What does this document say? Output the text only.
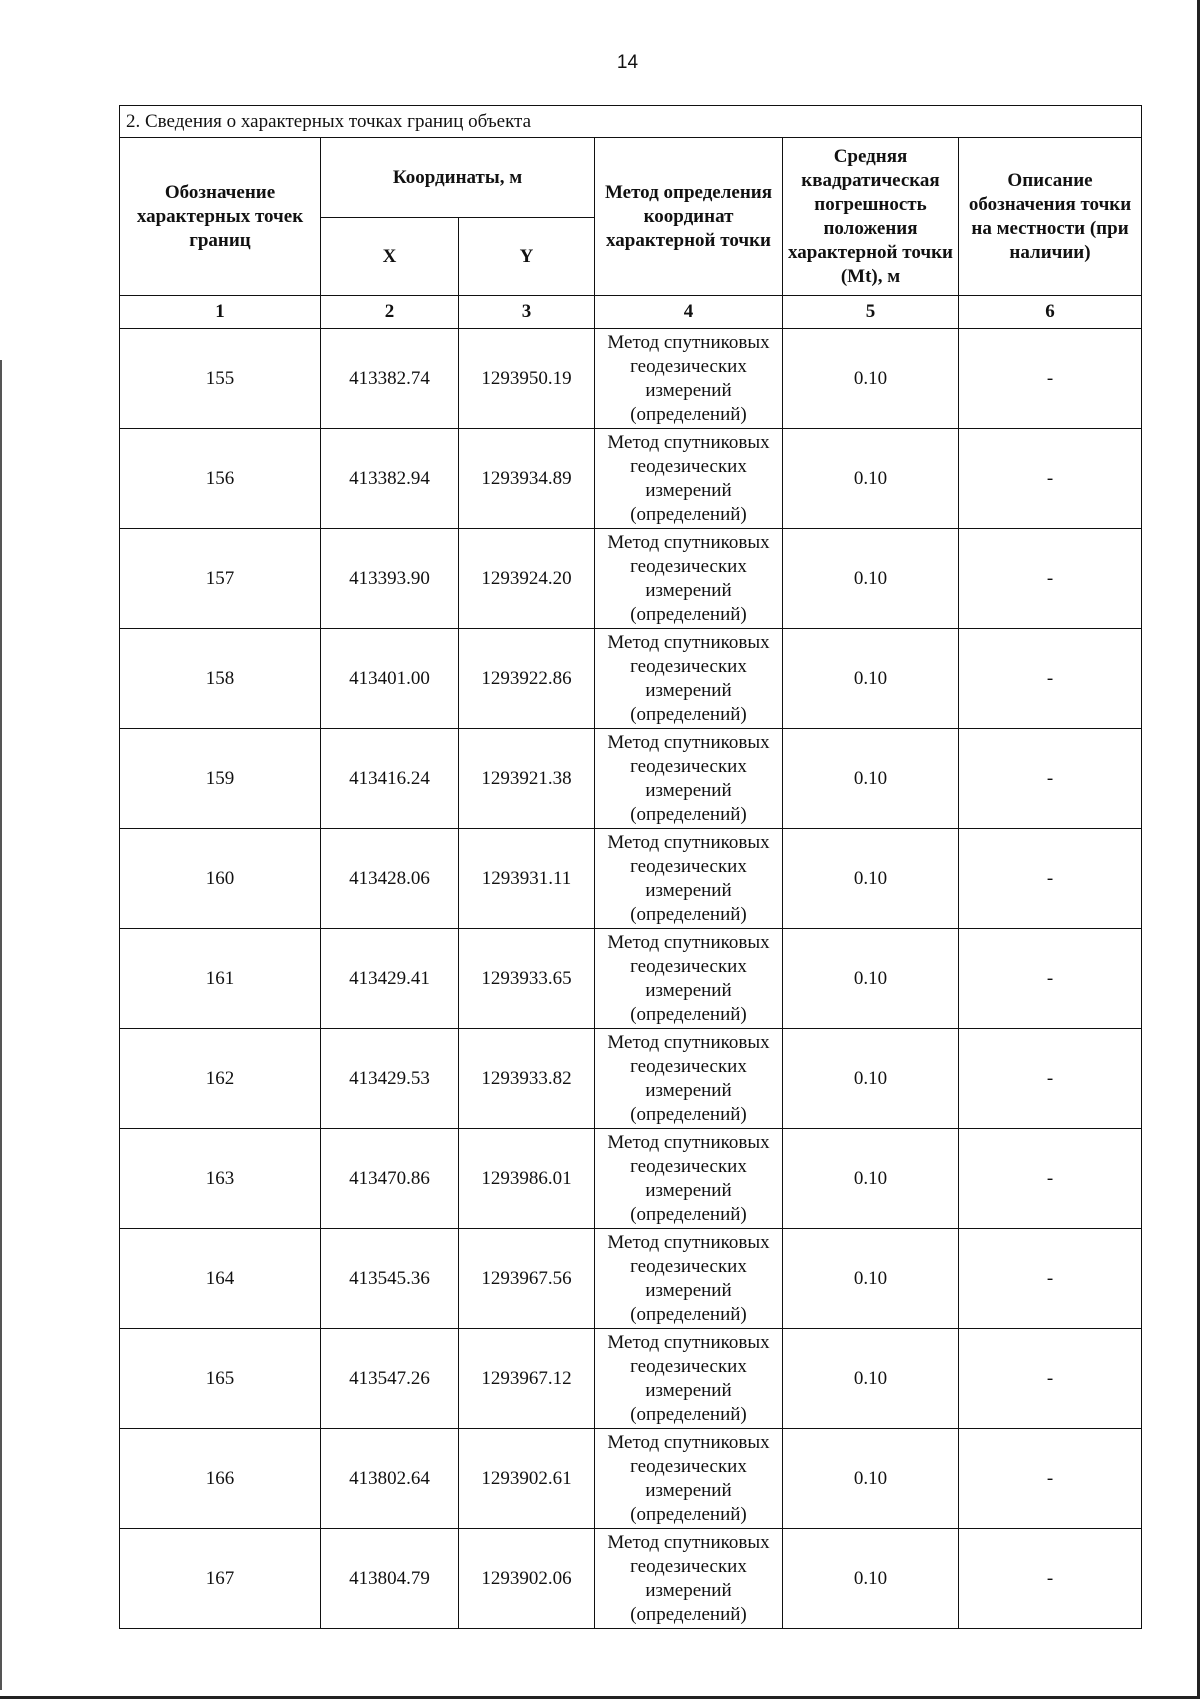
14
2. Сведения о характерных точках границ объекта					
Обозначение характерных точек границ	Координаты, м		Метод определения координат характерной точки	Средняя квадратическая погрешность положения характерной точки (Mt), м	Описание обозначения точки на местности (при наличии)
	X	Y			
1	2	3	4	5	6
155	413382.74	1293950.19	Метод спутниковых геодезических измерений (определений)	0.10	-
156	413382.94	1293934.89	Метод спутниковых геодезических измерений (определений)	0.10	-
157	413393.90	1293924.20	Метод спутниковых геодезических измерений (определений)	0.10	-
158	413401.00	1293922.86	Метод спутниковых геодезических измерений (определений)	0.10	-
159	413416.24	1293921.38	Метод спутниковых геодезических измерений (определений)	0.10	-
160	413428.06	1293931.11	Метод спутниковых геодезических измерений (определений)	0.10	-
161	413429.41	1293933.65	Метод спутниковых геодезических измерений (определений)	0.10	-
162	413429.53	1293933.82	Метод спутниковых геодезических измерений (определений)	0.10	-
163	413470.86	1293986.01	Метод спутниковых геодезических измерений (определений)	0.10	-
164	413545.36	1293967.56	Метод спутниковых геодезических измерений (определений)	0.10	-
165	413547.26	1293967.12	Метод спутниковых геодезических измерений (определений)	0.10	-
166	413802.64	1293902.61	Метод спутниковых геодезических измерений (определений)	0.10	-
167	413804.79	1293902.06	Метод спутниковых геодезических измерений (определений)	0.10	-
